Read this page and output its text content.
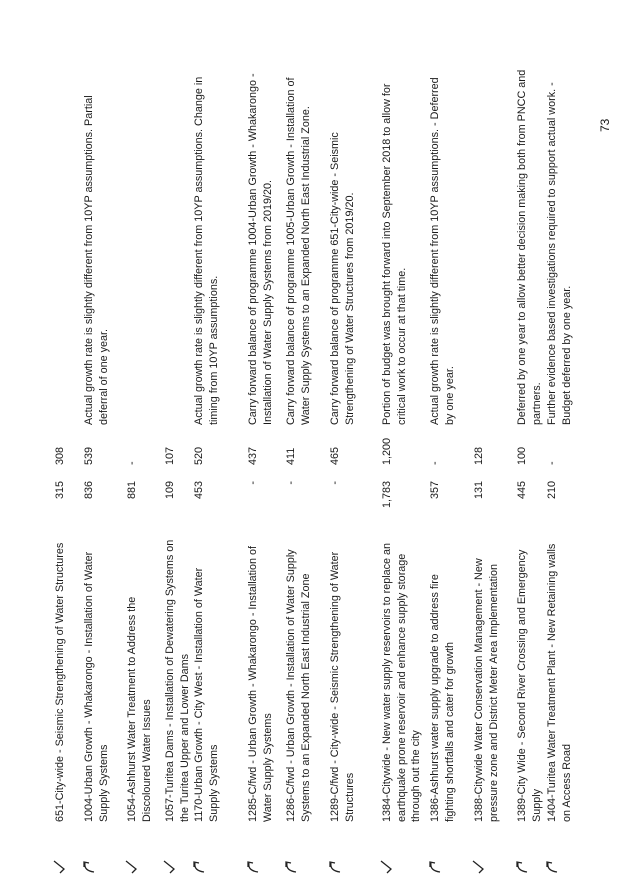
651-City-wide - Seismic Strengthening of Water Structures
315
308
1004-Urban Growth - Whakarongo - Installation of Water Supply Systems
836
539
Actual growth rate is slightly different from 10YP assumptions. Partial deferral of one year.
1054-Ashhurst Water Treatment to Address the Discoloured Water Issues
881
-
1057-Turitea Dams - Installation of Dewatering Systems on the Turitea Upper and Lower Dams
109
107
1170-Urban Growth - City West - Installation of Water Supply Systems
453
520
Actual growth rate is slightly different from 10YP assumptions. Change in timing from 10YP assumptions.
1285-C/fwd - Urban Growth - Whakarongo - Installation of Water Supply Systems
-
437
Carry forward balance of programme 1004-Urban Growth - Whakarongo - Installation of Water Supply Systems from 2019/20.
1286-C/fwd - Urban Growth - Installation of Water Supply Systems to an Expanded North East Industrial Zone
-
411
Carry forward balance of programme 1005-Urban Growth - Installation of Water Supply Systems to an Expanded North East Industrial Zone.
1289-C/fwd - City-wide - Seismic Strengthening of Water Structures
-
465
Carry forward balance of programme 651-City-wide - Seismic Strengthening of Water Structures from 2019/20.
1384-Citywide - New water supply reservoirs to replace an earthquake prone reservoir and enhance supply storage through out the city
1,783
1,200
Portion of budget was brought forward into September 2018 to allow for critical work to occur at that time.
1386-Ashhurst water supply upgrade to address fire fighting shortfalls and cater for growth
357
-
Actual growth rate is slightly different from 10YP assumptions. - Deferred by one year.
1388-Citywide Water Conservation Management - New pressure zone and District Meter Area Implementation
131
128
1389-City Wide - Second River Crossing and Emergency Supply
445
100
Deferred by one year to allow better decision making both from PNCC and partners.
1404-Turitea Water Treatment Plant - New Retaining walls on Access Road
210
-
Further evidence based investigations required to support actual work. - Budget deferred by one year.
73
